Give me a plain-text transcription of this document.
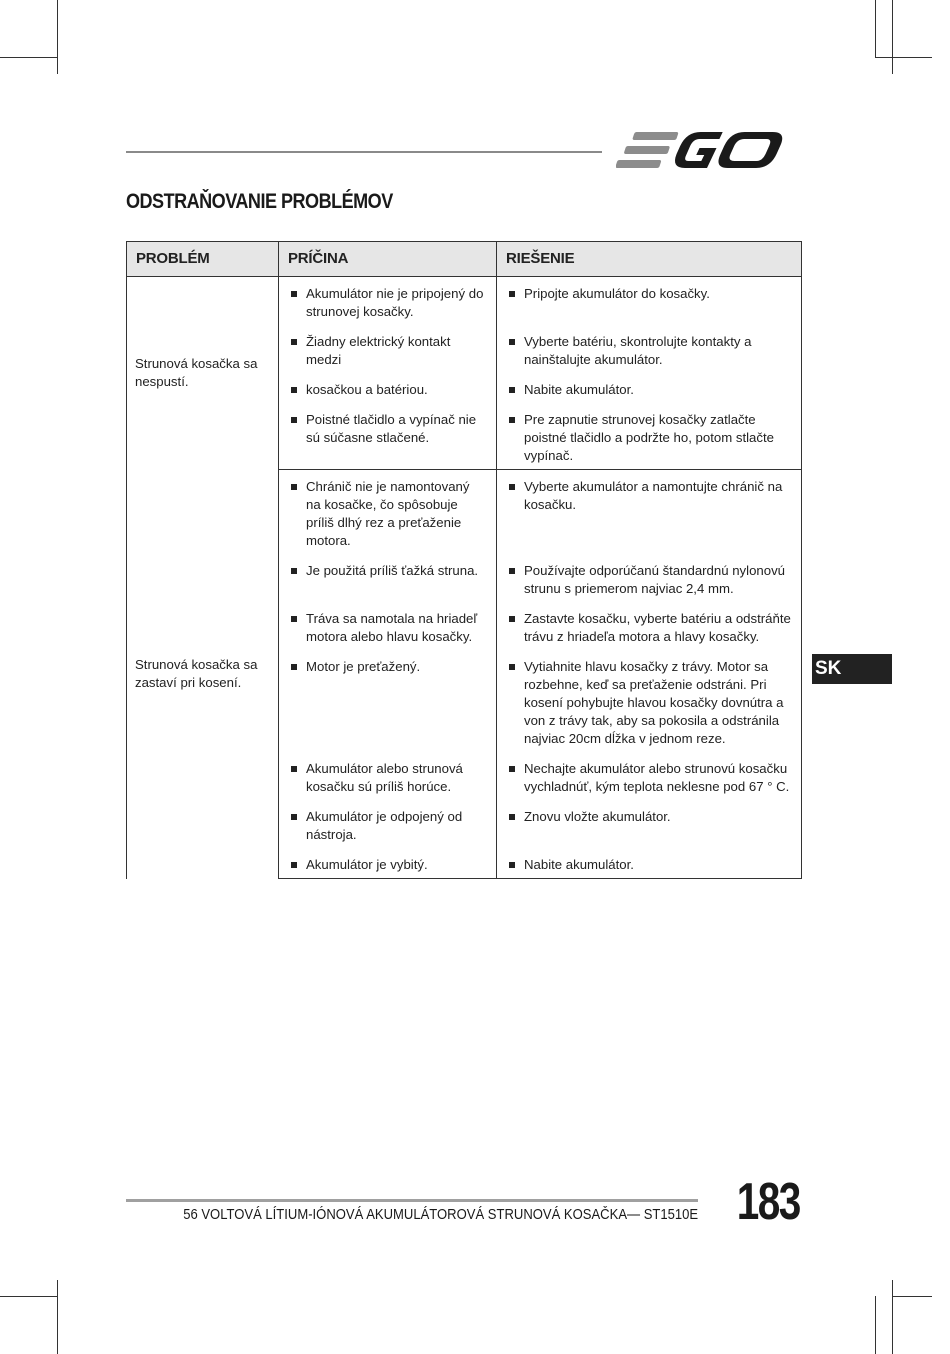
ODSTRAŇOVANIE PROBLÉMOV
PROBLÉM	PRÍČINA	RIEŠENIE
Strunová kosačka sa nespustí.	Akumulátor nie je pripojený do strunovej kosačky.	Pripojte akumulátor do kosačky.

	Žiadny elektrický kontakt medzi	Vyberte batériu, skontrolujte kontakty a nainštalujte akumulátor.

	kosačkou a batériou.	Nabite akumulátor.

	Poistné tlačidlo a vypínač nie sú súčasne stlačené.	Pre zapnutie strunovej kosačky zatlačte poistné tlačidlo a podržte ho, potom stlačte vypínač.

Strunová kosačka sa zastaví pri kosení.	Chránič nie je namontovaný na kosačke, čo spôsobuje príliš dlhý rez a preťaženie motora.	Vyberte akumulátor a namontujte chránič na kosačku.

	Je použitá príliš ťažká struna.	Používajte odporúčanú štandardnú nylonovú strunu s priemerom najviac 2,4 mm.

	Tráva sa namotala na hriadeľ motora alebo hlavu kosačky.	Zastavte kosačku, vyberte batériu a odstráňte trávu z hriadeľa motora a hlavy kosačky.

	Motor je preťažený.	Vytiahnite hlavu kosačky z trávy. Motor sa rozbehne, keď sa preťaženie odstráni. Pri kosení pohybujte hlavou kosačky dovnútra a von z trávy tak, aby sa pokosila a odstránila najviac 20cm dĺžka v jednom reze.

	Akumulátor alebo strunová kosačku sú príliš horúce.	Nechajte akumulátor alebo strunovú kosačku vychladnúť, kým teplota neklesne pod 67 ° C.

	Akumulátor je odpojený od nástroja.	Znovu vložte akumulátor.

	Akumulátor je vybitý.	Nabite akumulátor.
SK
56 VOLTOVÁ LÍTIUM-IÓNOVÁ AKUMULÁTOROVÁ STRUNOVÁ KOSAČKA— ST1510E 183
